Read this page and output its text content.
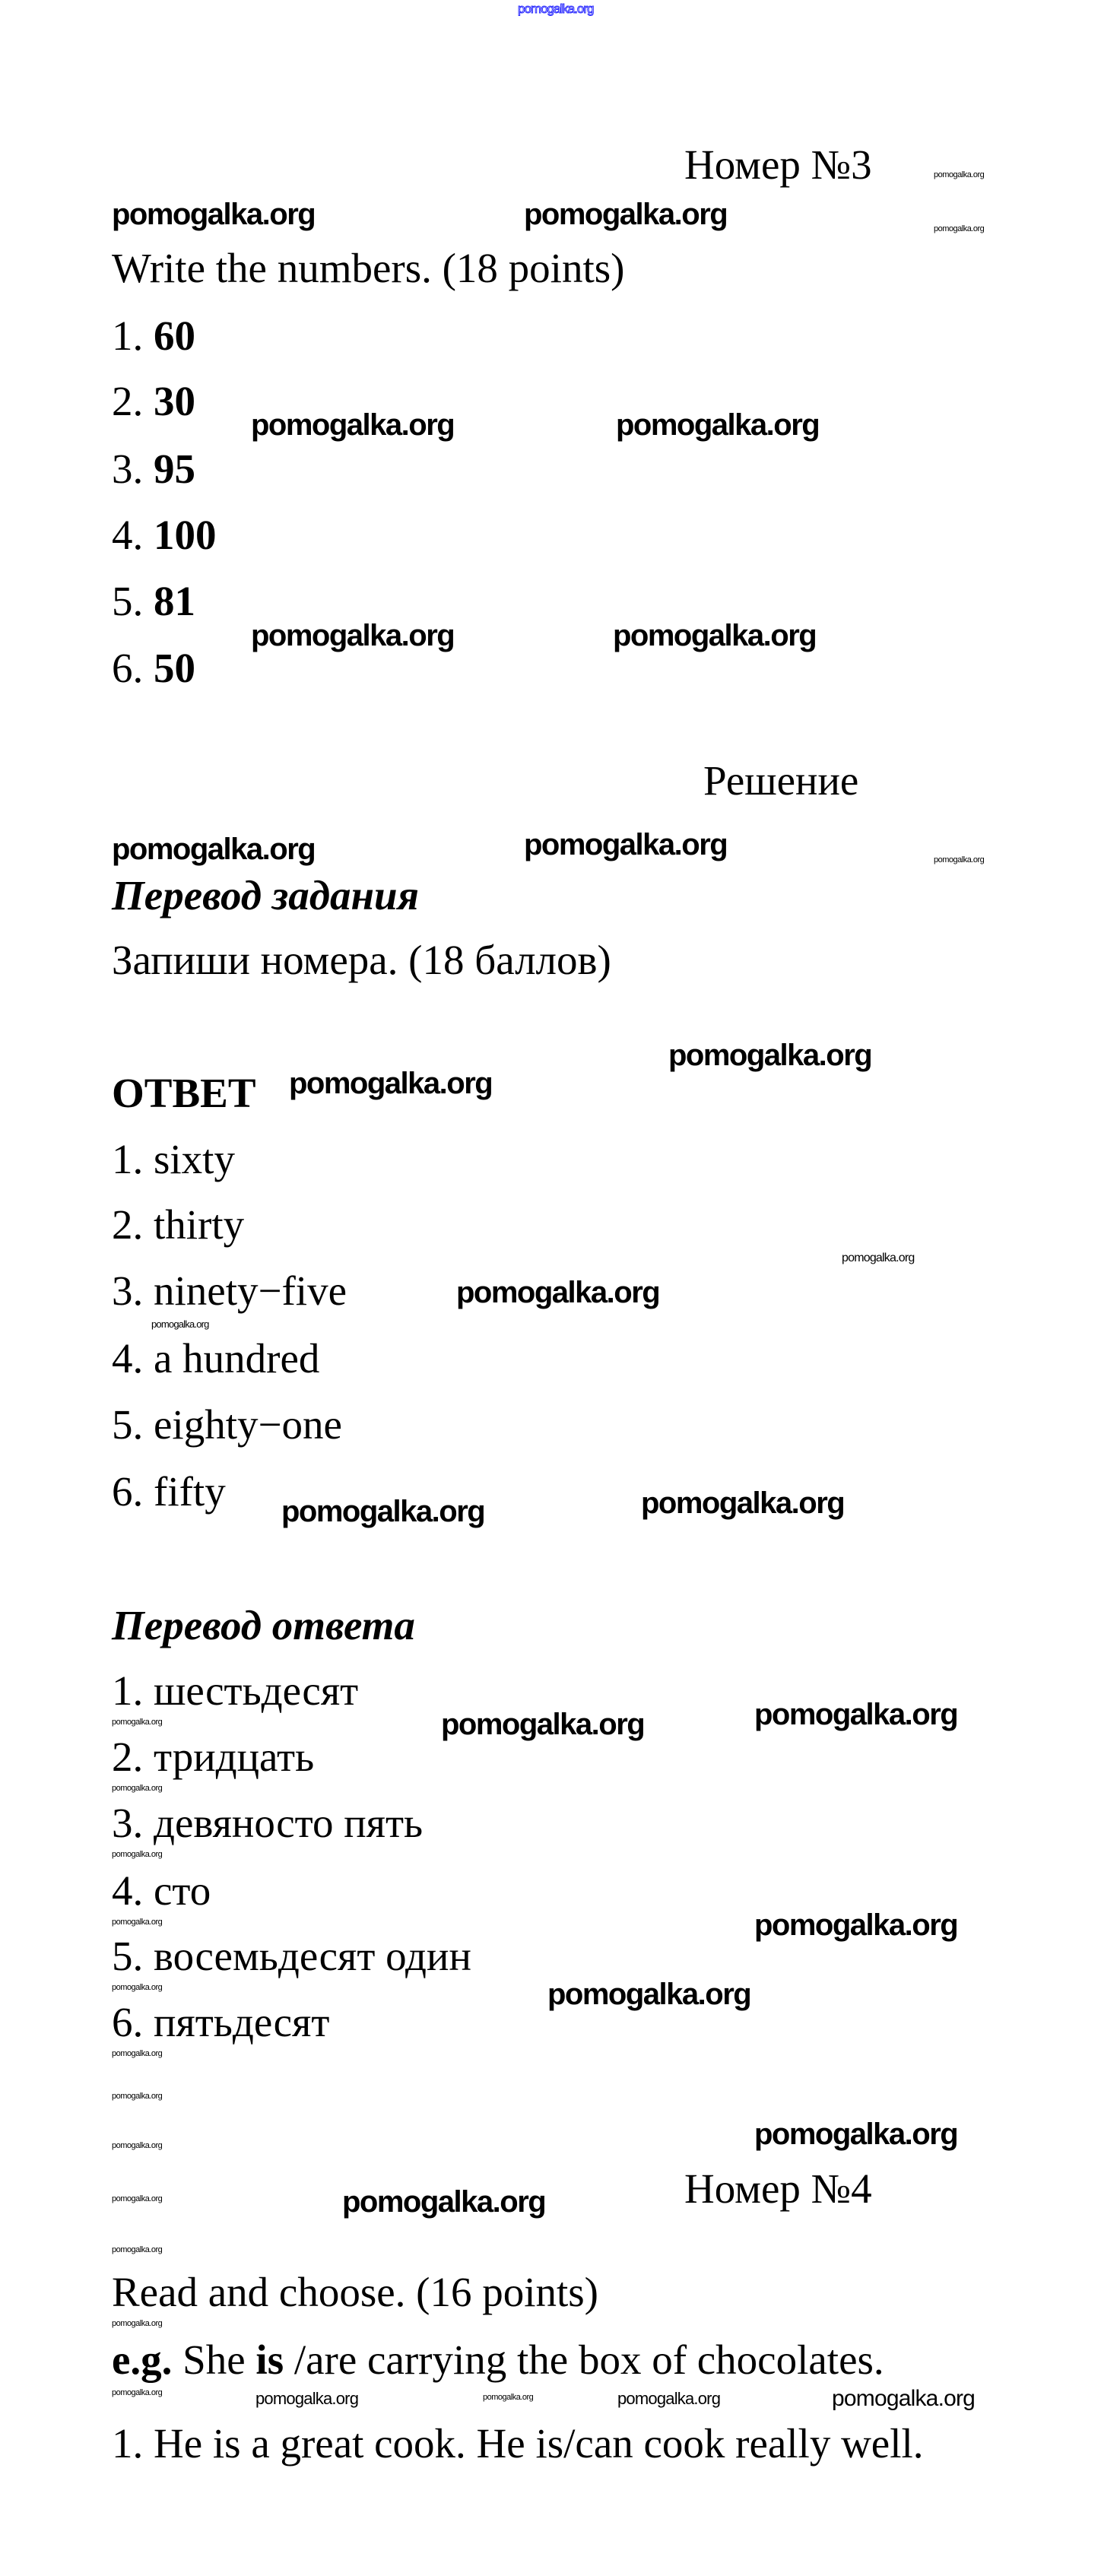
pomogalka.org
Номер №3
Write the numbers. (18 points)
1. 60
2. 30
3. 95
4. 100
5. 81
6. 50
Решение
Перевод задания
Запиши номера. (18 баллов)
ОТВЕТ
1. sixty
2. thirty
3. ninety−five
4. a hundred
5. eighty−one
6. fifty
Перевод ответа
1. шестьдесят
2. тридцать
3. девяносто пять
4. сто
5. восемьдесят один
6. пятьдесят
Номер №4
Read and choose. (16 points)
e.g. She is /are carrying the box of chocolates.
1. He is a great cook. He is/can cook really well.
pomogalka.org	pomogalka.org
pomogalka.org	pomogalka.org
pomogalka.org	pomogalka.org
pomogalka.org	pomogalka.org
pomogalka.org
pomogalka.org
pomogalka.org
pomogalka.org	pomogalka.org
pomogalka.org	pomogalka.org
pomogalka.org
pomogalka.org
pomogalka.org
pomogalka.org
pomogalka.org
pomogalka.org	pomogalka.org
pomogalka.org
pomogalka.org
pomogalka.org
pomogalka.org
pomogalka.org
pomogalka.org
pomogalka.org
pomogalka.org
pomogalka.org
pomogalka.org
pomogalka.org
pomogalka.org
pomogalka.org
pomogalka.org
pomogalka.org
pomogalka.org
pomogalka.org
pomogalka.org
